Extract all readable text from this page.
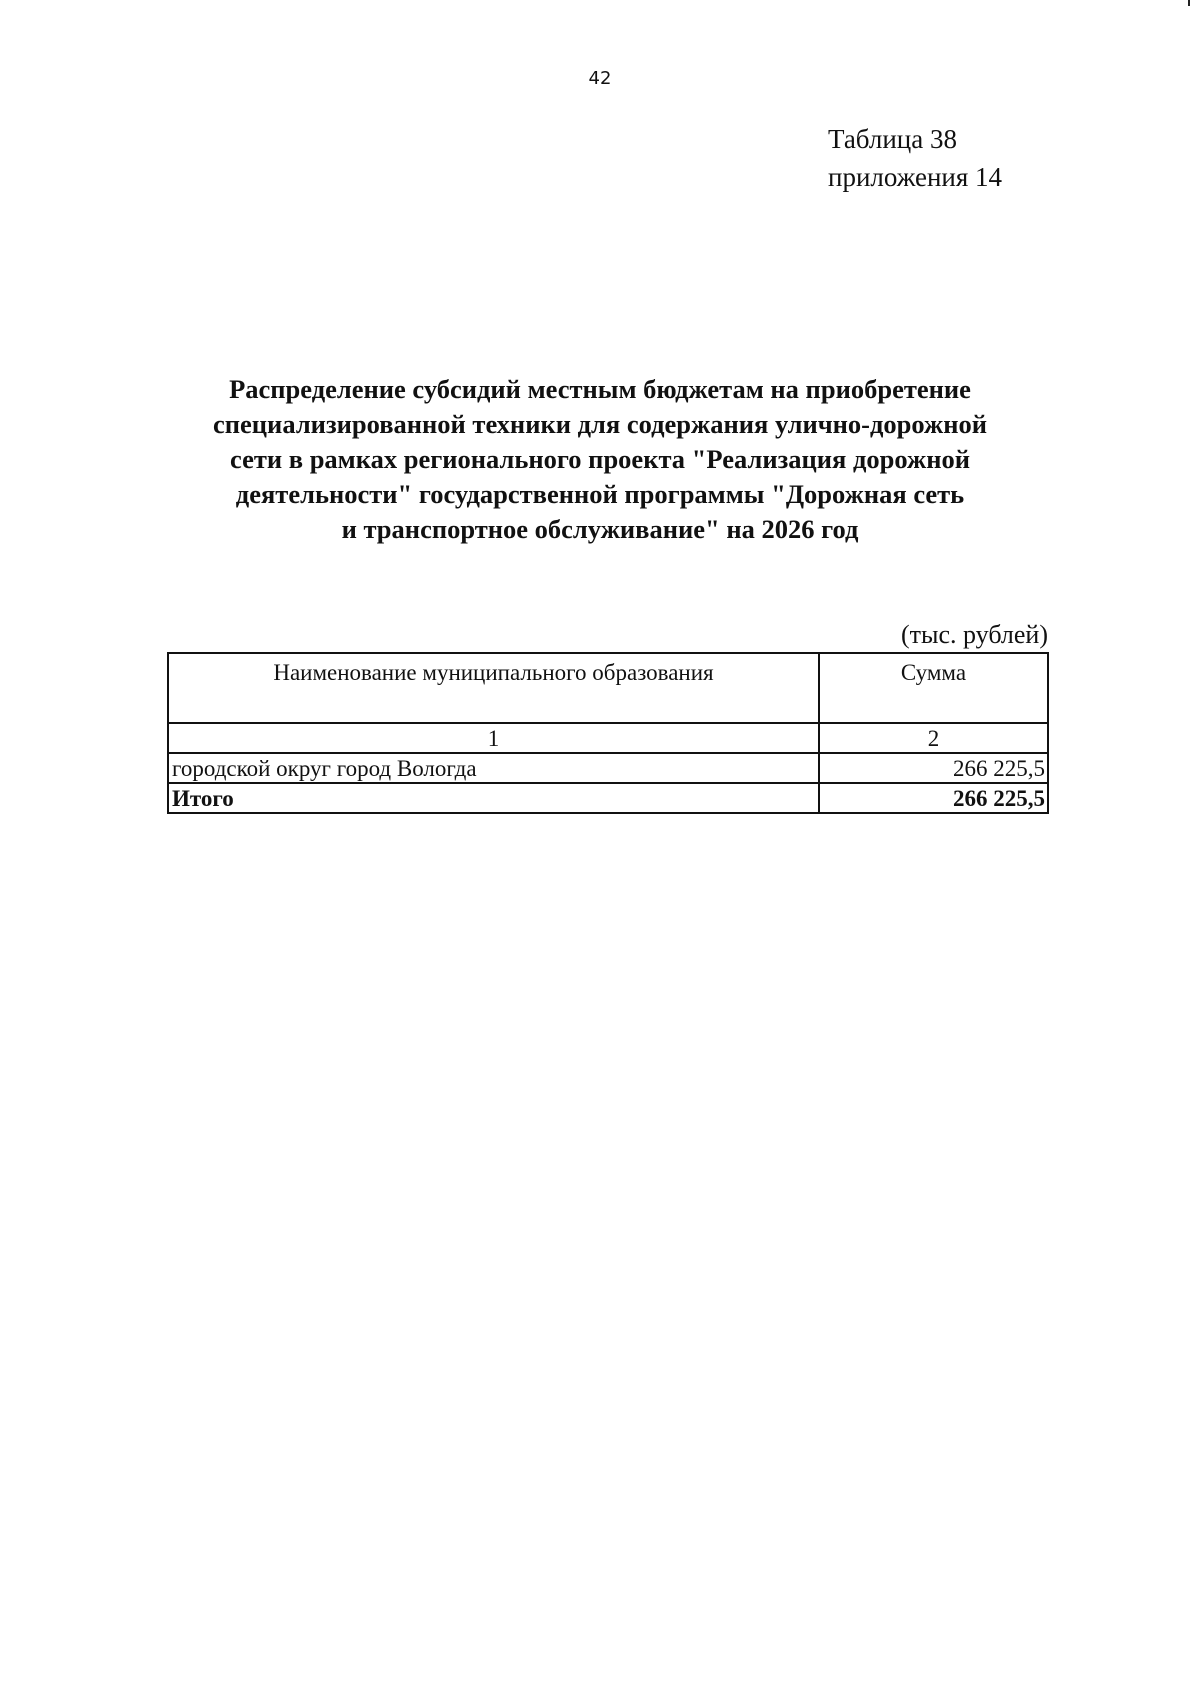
42
Таблица 38
приложения 14
Распределение субсидий местным бюджетам на приобретение
специализированной техники для содержания улично-дорожной
сети в рамках регионального проекта "Реализация дорожной
деятельности" государственной программы "Дорожная сеть
и транспортное обслуживание" на 2026 год
(тыс. рублей)
Наименование муниципального образования	Сумма
1	2
городской округ город Вологда	266 225,5
Итого	266 225,5
